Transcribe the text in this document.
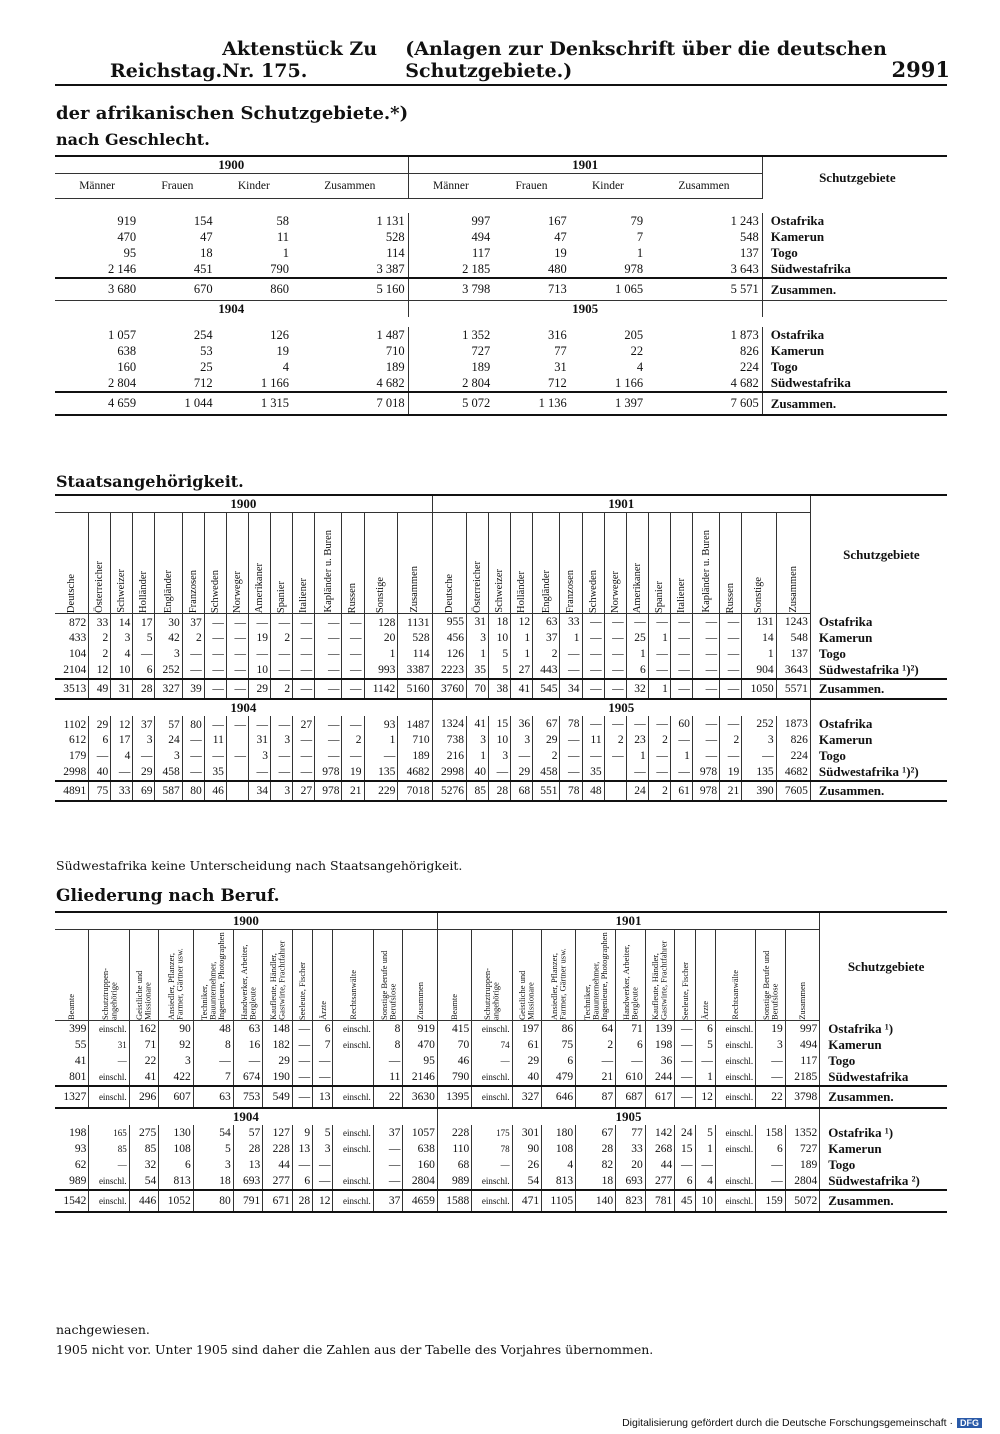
Reichstag.
Aktenstück Zu Nr. 175.
(Anlagen zur Denkschrift über die deutschen Schutzgebiete.)	2991
der afrikanischen Schutzgebiete.*)
nach Geschlecht.
1900				1901				Schutzgebiete
Männer	Frauen	Kinder	Zusammen	Männer	Frauen	Kinder	Zusammen	

919	154	58	1 131	997	167	79	1 243	Ostafrika
470	47	11	528	494	47	7	548	Kamerun
95	18	1	114	117	19	1	137	Togo
2 146	451	790	3 387	2 185	480	978	3 643	Südwestafrika
3 680	670	860	5 160	3 798	713	1 065	5 571	Zusammen.
1904				1905				

1 057	254	126	1 487	1 352	316	205	1 873	Ostafrika
638	53	19	710	727	77	22	826	Kamerun
160	25	4	189	189	31	4	224	Togo
2 804	712	1 166	4 682	2 804	712	1 166	4 682	Südwestafrika
4 659	1 044	1 315	7 018	5 072	1 136	1 397	7 605	Zusammen.
Staatsangehörigkeit.
1900															1901															Schutzgebiete

Deutsche	Österreicher	Schweizer	Holländer	Engländer	Franzosen	Schweden	Norweger	Amerikaner	Spanier	Italiener	Kapländer u. Buren	Russen	Sonstige	Zusammen	Deutsche	Österreicher	Schweizer	Holländer	Engländer	Franzosen	Schweden	Norweger	Amerikaner	Spanier	Italiener	Kapländer u. Buren	Russen	Sonstige	Zusammen	

872	33	14	17	30	37	—	—	—	—	—	—	—	128	1131	955	31	18	12	63	33	—	—	—	—	—	—	—	131	1243	Ostafrika
433	2	3	5	42	2	—	—	19	2	—	—	—	20	528	456	3	10	1	37	1	—	—	25	1	—	—	—	14	548	Kamerun
104	2	4	—	3	—	—	—	—	—	—	—	—	1	114	126	1	5	1	2	—	—	—	1	—	—	—	—	1	137	Togo
2104	12	10	6	252	—	—	—	10	—	—	—	—	993	3387	2223	35	5	27	443	—	—	—	6	—	—	—	—	904	3643	Südwestafrika ¹)²)
3513	49	31	28	327	39	—	—	29	2	—	—	—	1142	5160	3760	70	38	41	545	34	—	—	32	1	—	—	—	1050	5571	Zusammen.
1904															1905															
1102	29	12	37	57	80	—	—	—	—	27	—	—	93	1487	1324	41	15	36	67	78	—	—	—	—	60	—	—	252	1873	Ostafrika
612	6	17	3	24	—	11		31	3	—	—	2	1	710	738	3	10	3	29	—	11	2	23	2	—	—	2	3	826	Kamerun
179	—	4	—	3	—	—	—	3	—	—	—	—	—	189	216	1	3	—	2	—	—	—	1	—	1	—	—	—	224	Togo
2998	40	—	29	458	—	35		—	—	—	978	19	135	4682	2998	40	—	29	458	—	35		—	—	—	978	19	135	4682	Südwestafrika ¹)²)
4891	75	33	69	587	80	46		34	3	27	978	21	229	7018	5276	85	28	68	551	78	48		24	2	61	978	21	390	7605	Zusammen.
Südwestafrika keine Unterscheidung nach Staatsangehörigkeit.
Gliederung nach Beruf.
1900												1901												Schutzgebiete

Beamte	Schutztruppen- angehörige	Geistliche und Missionare	Ansiedler, Pflanzer, Farmer, Gärtner usw.	Techniker, Bauunternehmer, Ingenieure, Photographen	Handwerker, Arbeiter, Bergleute	Kaufleute, Händler, Gastwirte, Frachtfahrer	Seeleute, Fischer	Ärzte	Rechtsanwälte	Sonstige Berufe und Berufslose	Zusammen	Beamte	Schutztruppen- angehörige	Geistliche und Missionare	Ansiedler, Pflanzer, Farmer, Gärtner usw.	Techniker, Bauunternehmer, Ingenieure, Photographen	Handwerker, Arbeiter, Bergleute	Kaufleute, Händler, Gastwirte, Frachtfahrer	Seeleute, Fischer	Ärzte	Rechtsanwälte	Sonstige Berufe und Berufslose	Zusammen	

399	einschl.	162	90	48	63	148	—	6	einschl.	8	919	415	einschl.	197	86	64	71	139	—	6	einschl.	19	997	Ostafrika ¹)
55	31	71	92	8	16	182	—	7	einschl.	8	470	70	74	61	75	2	6	198	—	5	einschl.	3	494	Kamerun
41	—	22	3	—	—	29	—	—		—	95	46	—	29	6	—	—	36	—	—	einschl.	—	117	Togo
801	einschl.	41	422	7	674	190	—	—		11	2146	790	einschl.	40	479	21	610	244	—	1	einschl.	—	2185	Südwestafrika
1327	einschl.	296	607	63	753	549	—	13	einschl.	22	3630	1395	einschl.	327	646	87	687	617	—	12	einschl.	22	3798	Zusammen.
1904												1905												
198	165	275	130	54	57	127	9	5	einschl.	37	1057	228	175	301	180	67	77	142	24	5	einschl.	158	1352	Ostafrika ¹)
93	85	85	108	5	28	228	13	3	einschl.	—	638	110	78	90	108	28	33	268	15	1	einschl.	6	727	Kamerun
62	—	32	6	3	13	44	—	—		—	160	68	—	26	4	82	20	44	—	—		—	189	Togo
989	einschl.	54	813	18	693	277	6	—	einschl.	—	2804	989	einschl.	54	813	18	693	277	6	4	einschl.	—	2804	Südwestafrika ²)
1542	einschl.	446	1052	80	791	671	28	12	einschl.	37	4659	1588	einschl.	471	1105	140	823	781	45	10	einschl.	159	5072	Zusammen.
nachgewiesen.
1905 nicht vor. Unter 1905 sind daher die Zahlen aus der Tabelle des Vorjahres übernommen.
Digitalisierung gefördert durch die Deutsche Forschungsgemeinschaft · DFG
